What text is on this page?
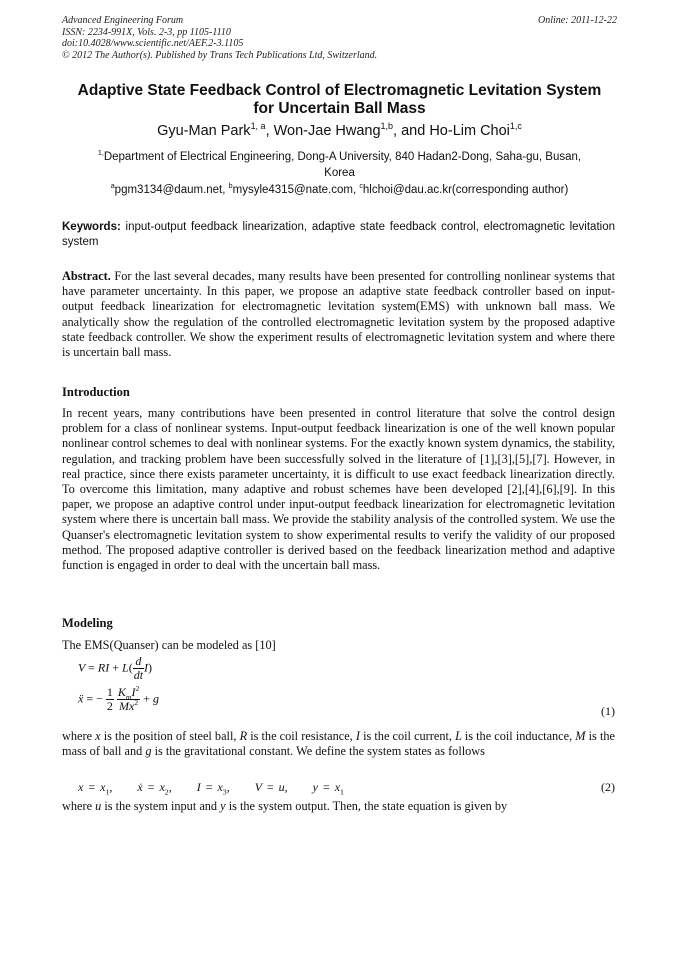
Advanced Engineering Forum
ISSN: 2234-991X, Vols. 2-3, pp 1105-1110
doi:10.4028/www.scientific.net/AEF.2-3.1105
© 2012 The Author(s). Published by Trans Tech Publications Ltd, Switzerland.
Online: 2011-12-22
Adaptive State Feedback Control of Electromagnetic Levitation System
for Uncertain Ball Mass
Gyu-Man Park$^{1, a}$, Won-Jae Hwang$^{1,b}$, and Ho-Lim Choi$^{1,c}$
$^{1,}$Department of Electrical Engineering, Dong-A University, 840 Hadan2-Dong, Saha-gu, Busan,
Korea
$^a$pgm3134@daum.net, $^b$mysyle4315@nate.com, $^c$hlchoi@dau.ac.kr(corresponding author)
Keywords: input-output feedback linearization, adaptive state feedback control, electromagnetic levitation system
Abstract. For the last several decades, many results have been presented for controlling nonlinear systems that have parameter uncertainty. In this paper, we propose an adaptive state feedback controller based on input-output feedback linearization for electromagnetic levitation system(EMS) with unknown ball mass. We analytically show the regulation of the controlled electromagnetic levitation system by the proposed adaptive state feedback controller. We show the experiment results of electromagnetic levitation system and where there is uncertain ball mass.
Introduction
In recent years, many contributions have been presented in control literature that solve the control design problem for a class of nonlinear systems. Input-output feedback linearization is one of the well known popular nonlinear control schemes to deal with nonlinear systems. For the exactly known system dynamics, the stability, regulation, and tracking problem have been successfully solved in the literature of [1],[3],[5],[7]. However, in real practice, since there exists parameter uncertainty, it is difficult to use exact feedback linearization directly. To overcome this limitation, many adaptive and robust schemes have been developed [2],[4],[6],[9]. In this paper, we propose an adaptive control under input-output feedback linearization for electromagnetic levitation system where there is uncertain ball mass. We provide the stability analysis of the controlled system. We use the Quanser's electromagnetic levitation system to show experimental results to verify the validity of our proposed method. The proposed adaptive controller is derived based on the feedback linearization method and adaptive function is engaged in order to deal with the uncertain ball mass.
Modeling
The EMS(Quanser) can be modeled as [10]
V = RI + $L( \frac{d}{dt} I)$
ẍ = − $\frac{1}{2}$
$\frac{K_mI^2}{Mx^2} + g$
(1)
where x is the position of steel ball, R is the coil resistance, I is the coil current, L is the coil inductance, M is the mass of ball and g is the gravitational constant. We define the system states as follows
$x = x_1$,     ẋ = $x_2$,     $I = x_3$,     V = u,     $y = x_1$	(2)
where u is the system input and y is the system output. Then, the state equation is given by
